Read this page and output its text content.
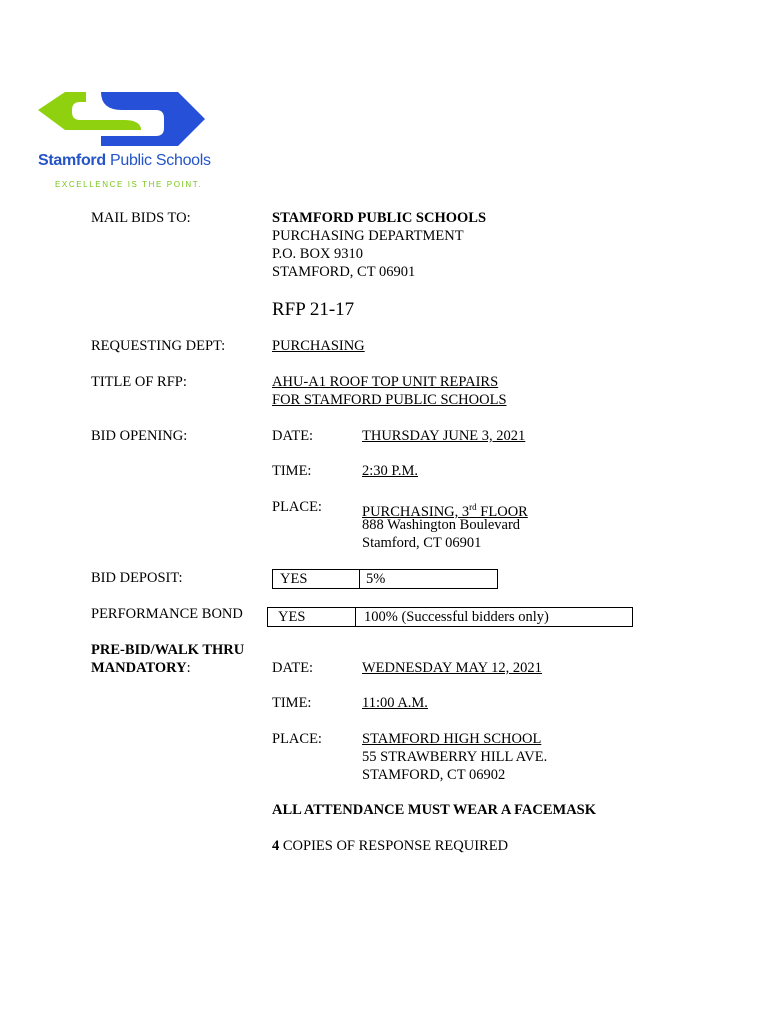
Stamford Public Schools
EXCELLENCE IS THE POINT.
MAIL BIDS TO:	STAMFORD PUBLIC SCHOOLS
PURCHASING DEPARTMENT
P.O. BOX 9310
STAMFORD, CT 06901
RFP 21-17
REQUESTING DEPT:	PURCHASING
TITLE OF RFP:	AHU-A1 ROOF TOP UNIT REPAIRS
FOR STAMFORD PUBLIC SCHOOLS
BID OPENING:	DATE:	THURSDAY JUNE 3, 2021
TIME:	2:30 P.M.
PLACE:	PURCHASING, 3rd FLOOR
888 Washington Boulevard
Stamford, CT 06901
BID DEPOSIT:	YES	5%
PERFORMANCE BOND YES	100% (Successful bidders only)
PRE-BID/WALK THRU
MANDATORY:	DATE:	WEDNESDAY MAY 12, 2021
TIME:	11:00 A.M.
PLACE:	STAMFORD HIGH SCHOOL
55 STRAWBERRY HILL AVE.
STAMFORD, CT 06902
ALL ATTENDANCE MUST WEAR A FACEMASK
4 COPIES OF RESPONSE REQUIRED
